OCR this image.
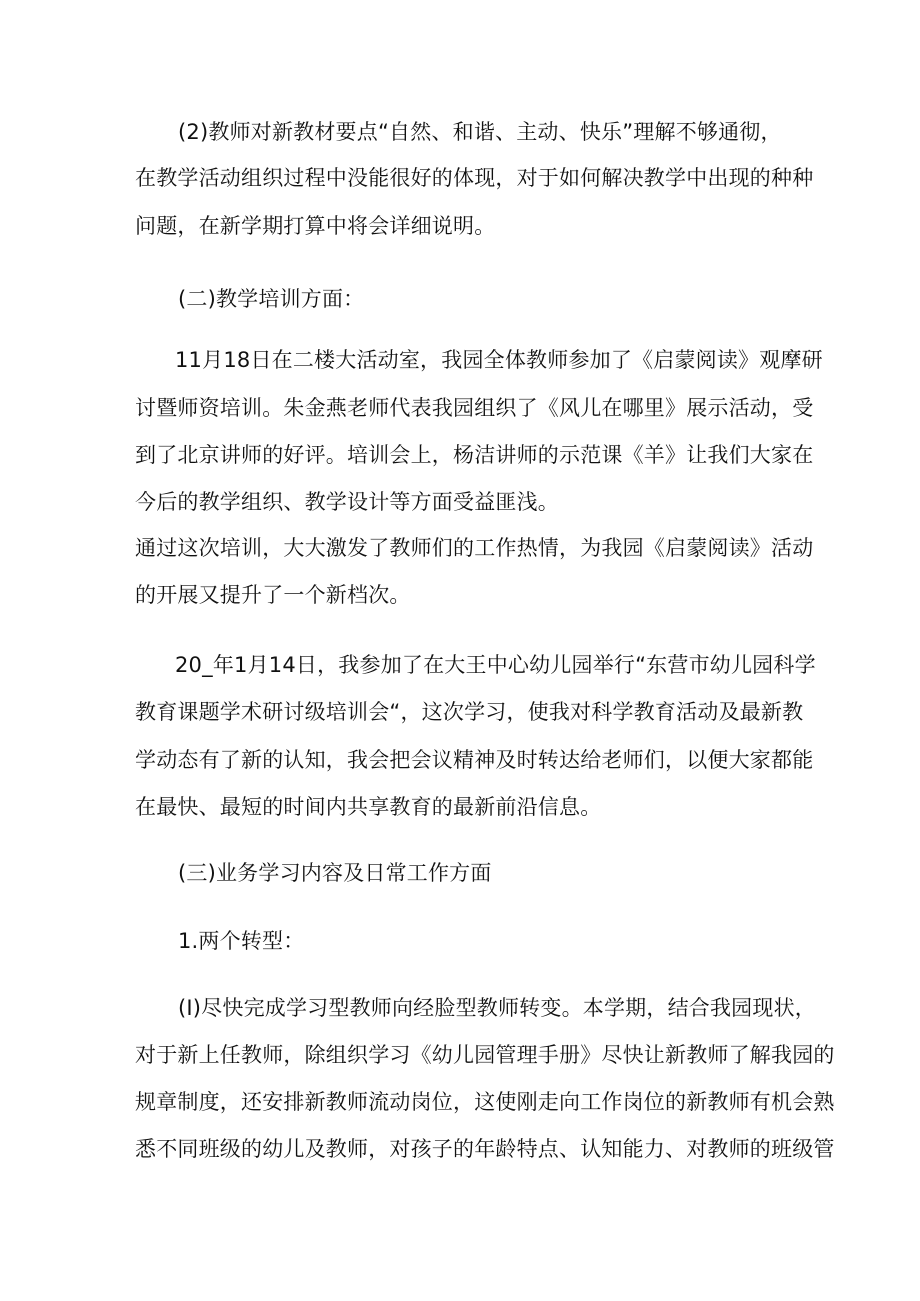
(2)教师对新教材要点“自然、和谐、主动、快乐”理解不够通彻，
在教学活动组织过程中没能很好的体现，对于如何解决教学中出现的种种
问题，在新学期打算中将会详细说明。
(二)教学培训方面：
11月18日在二楼大活动室，我园全体教师参加了《启蒙阅读》观摩研
讨暨师资培训。朱金燕老师代表我园组织了《风儿在哪里》展示活动，受
到了北京讲师的好评。培训会上，杨洁讲师的示范课《羊》让我们大家在
今后的教学组织、教学设计等方面受益匪浅。
通过这次培训，大大激发了教师们的工作热情，为我园《启蒙阅读》活动
的开展又提升了一个新档次。
20_年1月14日，我参加了在大王中心幼儿园举行“东营市幼儿园科学
教育课题学术研讨级培训会“，这次学习，使我对科学教育活动及最新教
学动态有了新的认知，我会把会议精神及时转达给老师们，以便大家都能
在最快、最短的时间内共享教育的最新前沿信息。
(三)业务学习内容及日常工作方面
1.两个转型：
(I)尽快完成学习型教师向经脸型教师转变。本学期，结合我园现状，
对于新上任教师，除组织学习《幼儿园管理手册》尽快让新教师了解我园的
规章制度，还安排新教师流动岗位，这使刚走向工作岗位的新教师有机会熟
悉不同班级的幼儿及教师，对孩子的年龄特点、认知能力、对教师的班级管
